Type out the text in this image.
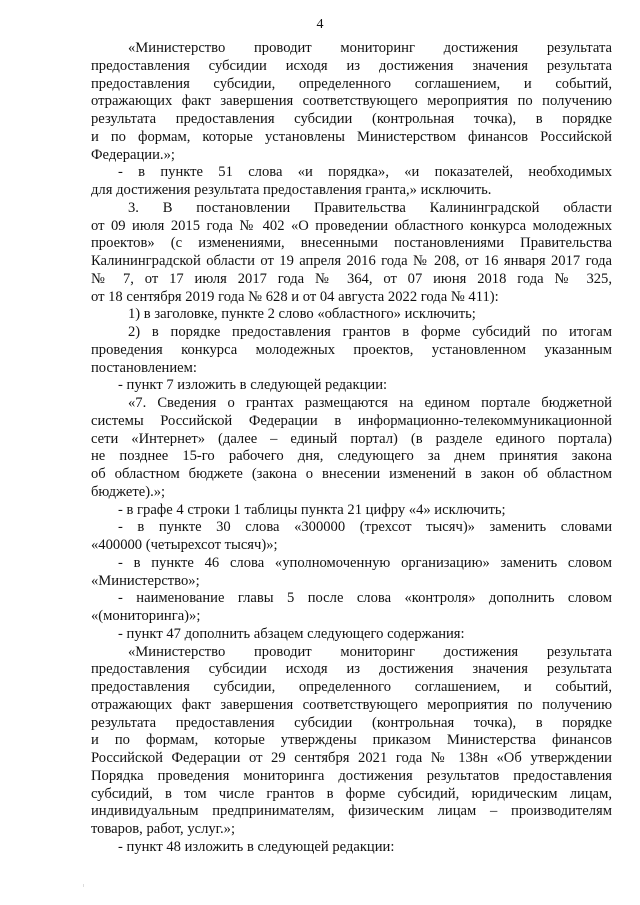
4
«Министерство проводит мониторинг достижения результата
предоставления субсидии исходя из достижения значения результата
предоставления субсидии, определенного соглашением, и событий,
отражающих факт завершения соответствующего мероприятия по получению
результата предоставления субсидии (контрольная точка), в порядке
и по формам, которые установлены Министерством финансов Российской
Федерации.»;
- в пункте 51 слова «и порядка», «и показателей, необходимых
для достижения результата предоставления гранта,» исключить.
3. В постановлении Правительства Калининградской области
от 09 июля 2015 года № 402 «О проведении областного конкурса молодежных
проектов» (с изменениями, внесенными постановлениями Правительства
Калининградской области от 19 апреля 2016 года № 208, от 16 января 2017 года
№ 7, от 17 июля 2017 года № 364, от 07 июня 2018 года № 325,
от 18 сентября 2019 года № 628 и от 04 августа 2022 года № 411):
1) в заголовке, пункте 2 слово «областного» исключить;
2) в порядке предоставления грантов в форме субсидий по итогам
проведения конкурса молодежных проектов, установленном указанным
постановлением:
- пункт 7 изложить в следующей редакции:
«7. Сведения о грантах размещаются на едином портале бюджетной
системы Российской Федерации в информационно-телекоммуникационной
сети «Интернет» (далее – единый портал) (в разделе единого портала)
не позднее 15-го рабочего дня, следующего за днем принятия закона
об областном бюджете (закона о внесении изменений в закон об областном
бюджете).»;
- в графе 4 строки 1 таблицы пункта 21 цифру «4» исключить;
- в пункте 30 слова «300000 (трехсот тысяч)» заменить словами
«400000 (четырехсот тысяч)»;
- в пункте 46 слова «уполномоченную организацию» заменить словом
«Министерство»;
- наименование главы 5 после слова «контроля» дополнить словом
«(мониторинга)»;
- пункт 47 дополнить абзацем следующего содержания:
«Министерство проводит мониторинг достижения результата
предоставления субсидии исходя из достижения значения результата
предоставления субсидии, определенного соглашением, и событий,
отражающих факт завершения соответствующего мероприятия по получению
результата предоставления субсидии (контрольная точка), в порядке
и по формам, которые утверждены приказом Министерства финансов
Российской Федерации от 29 сентября 2021 года № 138н «Об утверждении
Порядка проведения мониторинга достижения результатов предоставления
субсидий, в том числе грантов в форме субсидий, юридическим лицам,
индивидуальным предпринимателям, физическим лицам – производителям
товаров, работ, услуг.»;
- пункт 48 изложить в следующей редакции:
